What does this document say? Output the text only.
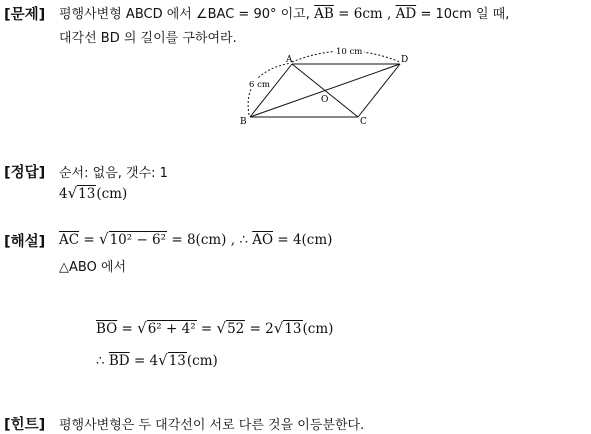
[문제] 평행사변형 ABCD 에서 ∠BAC = 90° 이고, $\overline{AB} = 6cm$ , $\overline{AD} = 10cm$ 일 때,
대각선 BD 의 길이를 구하여라.
A	D
C
B
O
10 cm
6 cm
[정답] 순서: 없음, 갯수: 1
4√13(cm)
[해설] $\overline{AC} = √10^2 - 6^2 = 8(cm)$ , ∴ $\overline{AO} = 4(cm)$
△ABO 에서
$\overline{BO} = √6^2 + 4^2 = √52 = 2√13(cm)$
∴ $\overline{BD} = 4√13(cm)$
[힌트] 평행사변형은 두 대각선이 서로 다른 것을 이등분한다.
